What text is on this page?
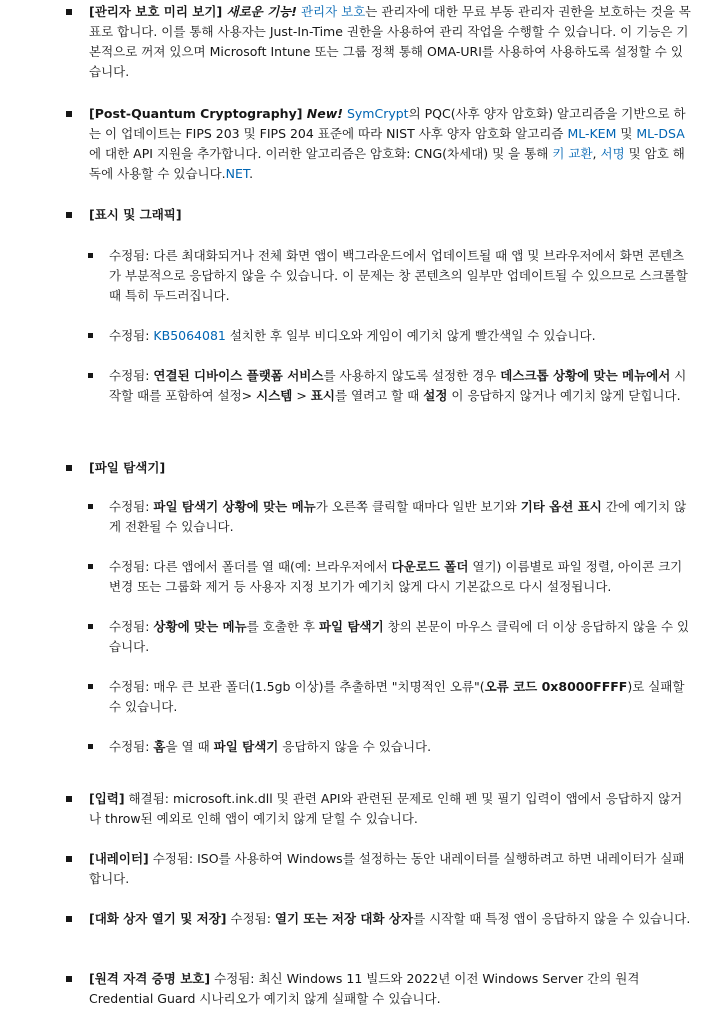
[관리자 보호 미리 보기] 새로운 기능! 관리자 보호는 관리자에 대한 무료 부동 관리자 권한을 보호하는 것을 목표로 합니다. 이를 통해 사용자는 Just-In-Time 권한을 사용하여 관리 작업을 수행할 수 있습니다. 이 기능은 기본적으로 꺼져 있으며 Microsoft Intune 또는 그룹 정책 통해 OMA-URI를 사용하여 사용하도록 설정할 수 있습니다.
[Post-Quantum Cryptography] New! SymCrypt의 PQC(사후 양자 암호화) 알고리즘을 기반으로 하는 이 업데이트는 FIPS 203 및 FIPS 204 표준에 따라 NIST 사후 양자 암호화 알고리즘 ML-KEM 및 ML-DSA에 대한 API 지원을 추가합니다. 이러한 알고리즘은 암호화: CNG(차세대) 및 을 통해 키 교환, 서명 및 암호 해독에 사용할 수 있습니다.NET.
[표시 및 그래픽]
수정됨: 다른 최대화되거나 전체 화면 앱이 백그라운드에서 업데이트될 때 앱 및 브라우저에서 화면 콘텐츠가 부분적으로 응답하지 않을 수 있습니다. 이 문제는 창 콘텐츠의 일부만 업데이트될 수 있으므로 스크롤할 때 특히 두드러집니다.
수정됨: KB5064081 설치한 후 일부 비디오와 게임이 예기치 않게 빨간색일 수 있습니다.
수정됨: 연결된 디바이스 플랫폼 서비스를 사용하지 않도록 설정한 경우 데스크톱 상황에 맞는 메뉴에서 시작할 때를 포함하여 설정> 시스템 > 표시를 열려고 할 때 설정 이 응답하지 않거나 예기치 않게 닫힙니다.
[파일 탐색기]
수정됨: 파일 탐색기 상황에 맞는 메뉴가 오른쪽 클릭할 때마다 일반 보기와 기타 옵션 표시 간에 예기치 않게 전환될 수 있습니다.
수정됨: 다른 앱에서 폴더를 열 때(예: 브라우저에서 다운로드 폴더 열기) 이름별로 파일 정렬, 아이콘 크기 변경 또는 그룹화 제거 등 사용자 지정 보기가 예기치 않게 다시 기본값으로 다시 설정됩니다.
수정됨: 상황에 맞는 메뉴를 호출한 후 파일 탐색기 창의 본문이 마우스 클릭에 더 이상 응답하지 않을 수 있습니다.
수정됨: 매우 큰 보관 폴더(1.5gb 이상)를 추출하면 "치명적인 오류"(오류 코드 0x8000FFFF)로 실패할 수 있습니다.
수정됨: 홈을 열 때 파일 탐색기 응답하지 않을 수 있습니다.
[입력] 해결됨: microsoft.ink.dll 및 관련 API와 관련된 문제로 인해 펜 및 필기 입력이 앱에서 응답하지 않거나 throw된 예외로 인해 앱이 예기치 않게 닫힐 수 있습니다.
[내레이터] 수정됨: ISO를 사용하여 Windows를 설정하는 동안 내레이터를 실행하려고 하면 내레이터가 실패합니다.
[대화 상자 열기 및 저장] 수정됨: 열기 또는 저장 대화 상자를 시작할 때 특정 앱이 응답하지 않을 수 있습니다.
[원격 자격 증명 보호] 수정됨: 최신 Windows 11 빌드와 2022년 이전 Windows Server 간의 원격 Credential Guard 시나리오가 예기치 않게 실패할 수 있습니다.
